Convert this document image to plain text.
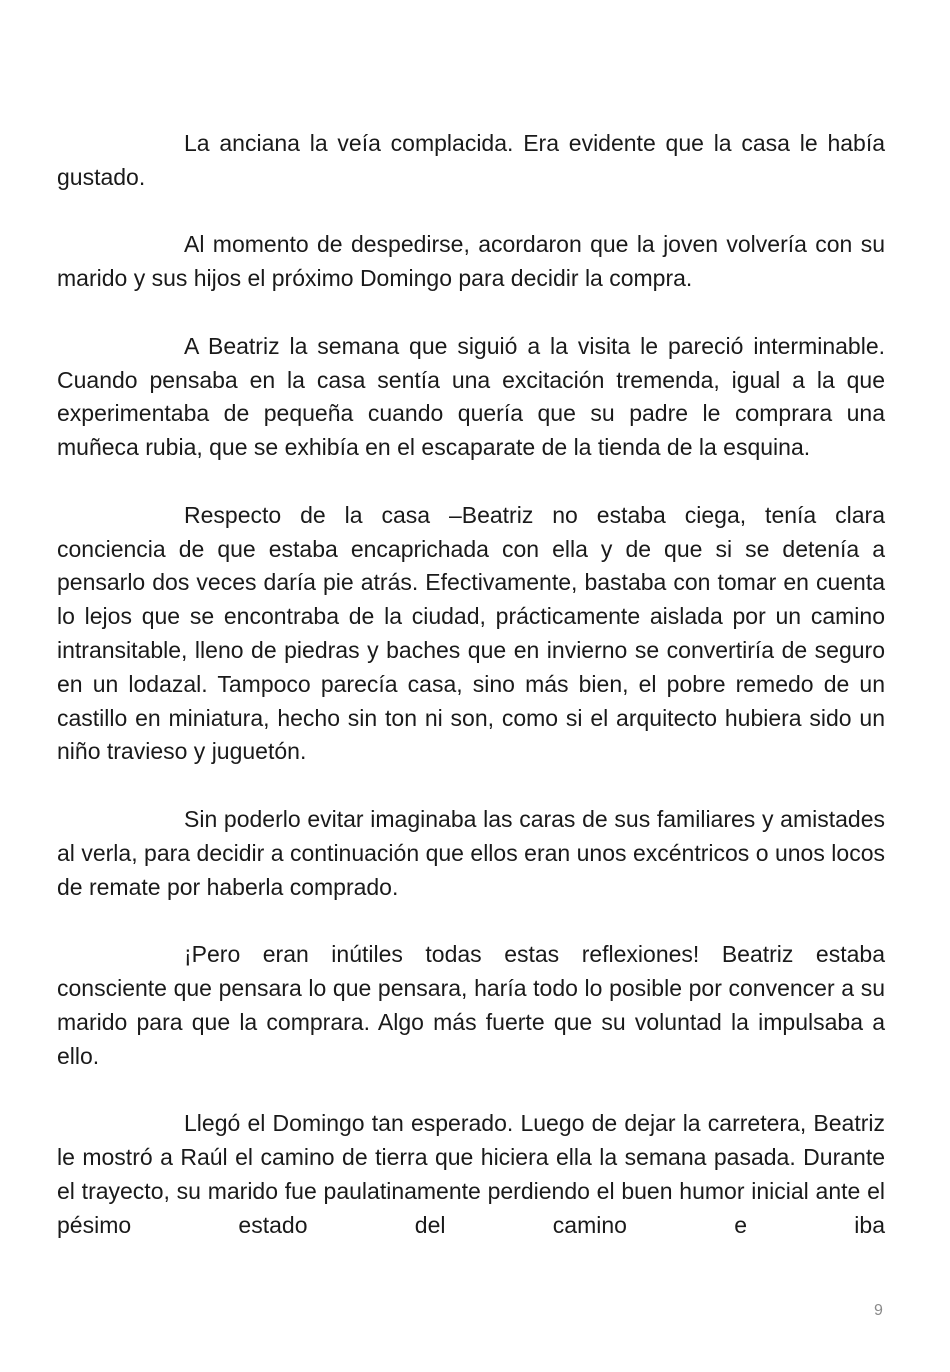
La anciana la veía complacida. Era evidente que la casa le había gustado.

Al momento de despedirse, acordaron que la joven volvería con su marido y sus hijos el próximo Domingo para decidir la compra.

A Beatriz la semana que siguió a la visita le pareció interminable. Cuando pensaba en la casa sentía una excitación tremenda, igual a la que experimentaba de pequeña cuando quería que su padre le comprara una muñeca rubia, que se exhibía en el escaparate de la tienda de la esquina.

Respecto de la casa –Beatriz no estaba ciega, tenía clara conciencia de que estaba encaprichada con ella y de que si se detenía a pensarlo dos veces daría pie atrás. Efectivamente, bastaba con tomar en cuenta lo lejos que se encontraba de la ciudad, prácticamente aislada por un camino intransitable, lleno de piedras y baches que en invierno se convertiría de seguro en un lodazal. Tampoco parecía casa, sino más bien, el pobre remedo de un castillo en miniatura, hecho sin ton ni son, como si el arquitecto hubiera sido un niño travieso y juguetón.

Sin poderlo evitar imaginaba las caras de sus familiares y amistades al verla, para decidir a continuación que ellos eran unos excéntricos o unos locos de remate por haberla comprado.

¡Pero eran inútiles todas estas reflexiones! Beatriz estaba consciente que pensara lo que pensara, haría todo lo posible por convencer a su marido para que la comprara. Algo más fuerte que su voluntad la impulsaba a ello.

Llegó el Domingo tan esperado. Luego de dejar la carretera, Beatriz le mostró a Raúl el camino de tierra que hiciera ella la semana pasada. Durante el trayecto, su marido fue paulatinamente perdiendo el buen humor inicial ante el pésimo estado del camino e iba

9
